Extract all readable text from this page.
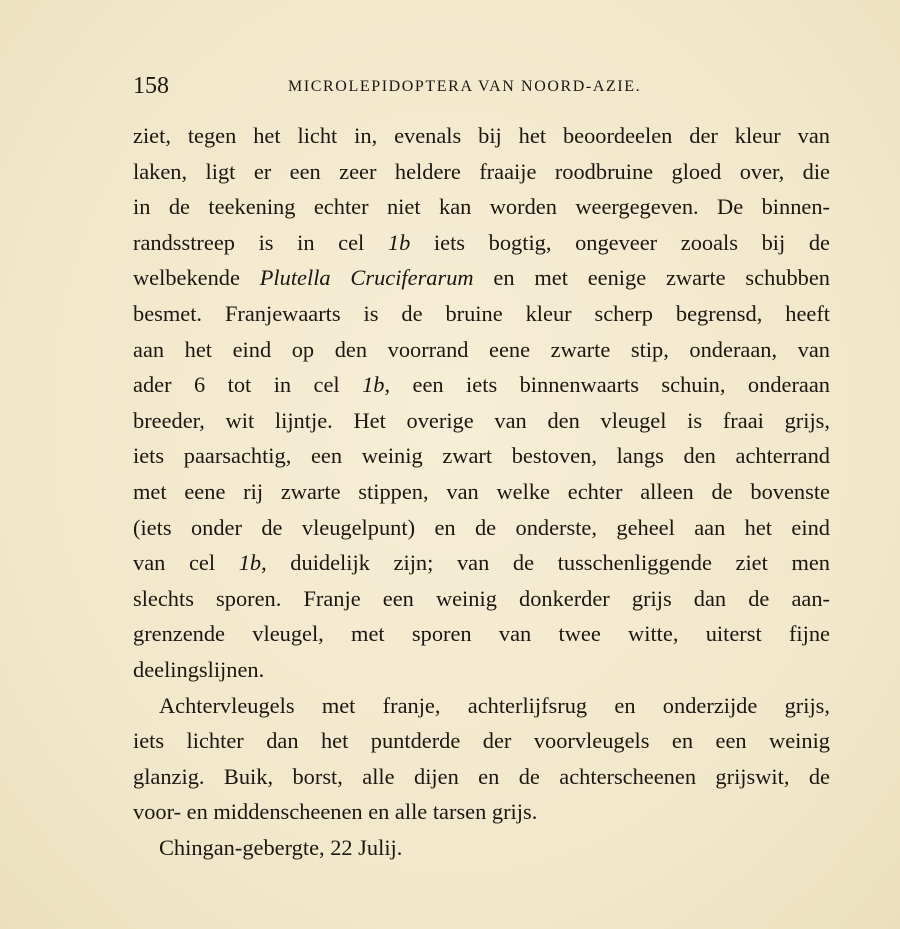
158	MICROLEPIDOPTERA VAN NOORD-AZIE.
ziet, tegen het licht in, evenals bij het beoordeelen der kleur van
laken, ligt er een zeer heldere fraaije roodbruine gloed over, die
in de teekening echter niet kan worden weergegeven. De binnen-
randsstreep is in cel 1b iets bogtig, ongeveer zooals bij de
welbekende Plutella Cruciferarum en met eenige zwarte schubben
besmet. Franjewaarts is de bruine kleur scherp begrensd, heeft
aan het eind op den voorrand eene zwarte stip, onderaan, van
ader 6 tot in cel 1b, een iets binnenwaarts schuin, onderaan
breeder, wit lijntje. Het overige van den vleugel is fraai grijs,
iets paarsachtig, een weinig zwart bestoven, langs den achterrand
met eene rij zwarte stippen, van welke echter alleen de bovenste
(iets onder de vleugelpunt) en de onderste, geheel aan het eind
van cel 1b, duidelijk zijn; van de tusschenliggende ziet men
slechts sporen. Franje een weinig donkerder grijs dan de aan-
grenzende vleugel, met sporen van twee witte, uiterst fijne
deelingslijnen.
Achtervleugels met franje, achterlijfsrug en onderzijde grijs,
iets lichter dan het puntderde der voorvleugels en een weinig
glanzig. Buik, borst, alle dijen en de achterscheenen grijswit, de
voor- en middenscheenen en alle tarsen grijs.
Chingan-gebergte, 22 Julij.
